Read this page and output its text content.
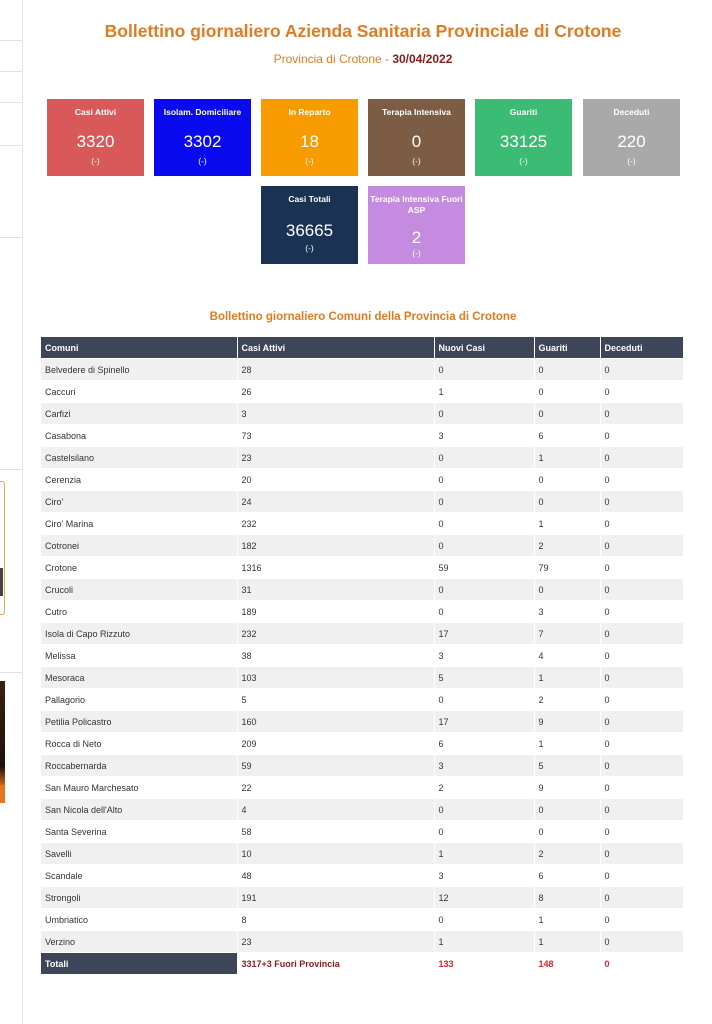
Bollettino giornaliero Azienda Sanitaria Provinciale di Crotone
Provincia di Crotone - 30/04/2022
Casi Attivi
3320
(-)
Isolam. Domiciliare
3302
(-)
In Reparto
18
(-)
Terapia Intensiva
0
(-)
Guariti
33125
(-)
Deceduti
220
(-)
Casi Totali
36665
(-)
Terapia Intensiva Fuori ASP
2
(-)
Bollettino giornaliero Comuni della Provincia di Crotone
Comuni	Casi Attivi	Nuovi Casi	Guariti	Deceduti
Belvedere di Spinello	28	0	0	0
Caccuri	26	1	0	0
Carfizi	3	0	0	0
Casabona	73	3	6	0
Castelsilano	23	0	1	0
Cerenzia	20	0	0	0
Ciro'	24	0	0	0
Ciro' Marina	232	0	1	0
Cotronei	182	0	2	0
Crotone	1316	59	79	0
Crucoli	31	0	0	0
Cutro	189	0	3	0
Isola di Capo Rizzuto	232	17	7	0
Melissa	38	3	4	0
Mesoraca	103	5	1	0
Pallagorio	5	0	2	0
Petilia Policastro	160	17	9	0
Rocca di Neto	209	6	1	0
Roccabernarda	59	3	5	0
San Mauro Marchesato	22	2	9	0
San Nicola dell'Alto	4	0	0	0
Santa Severina	58	0	0	0
Savelli	10	1	2	0
Scandale	48	3	6	0
Strongoli	191	12	8	0
Umbriatico	8	0	1	0
Verzino	23	1	1	0
Totali	3317+3 Fuori Provincia	133	148	0
